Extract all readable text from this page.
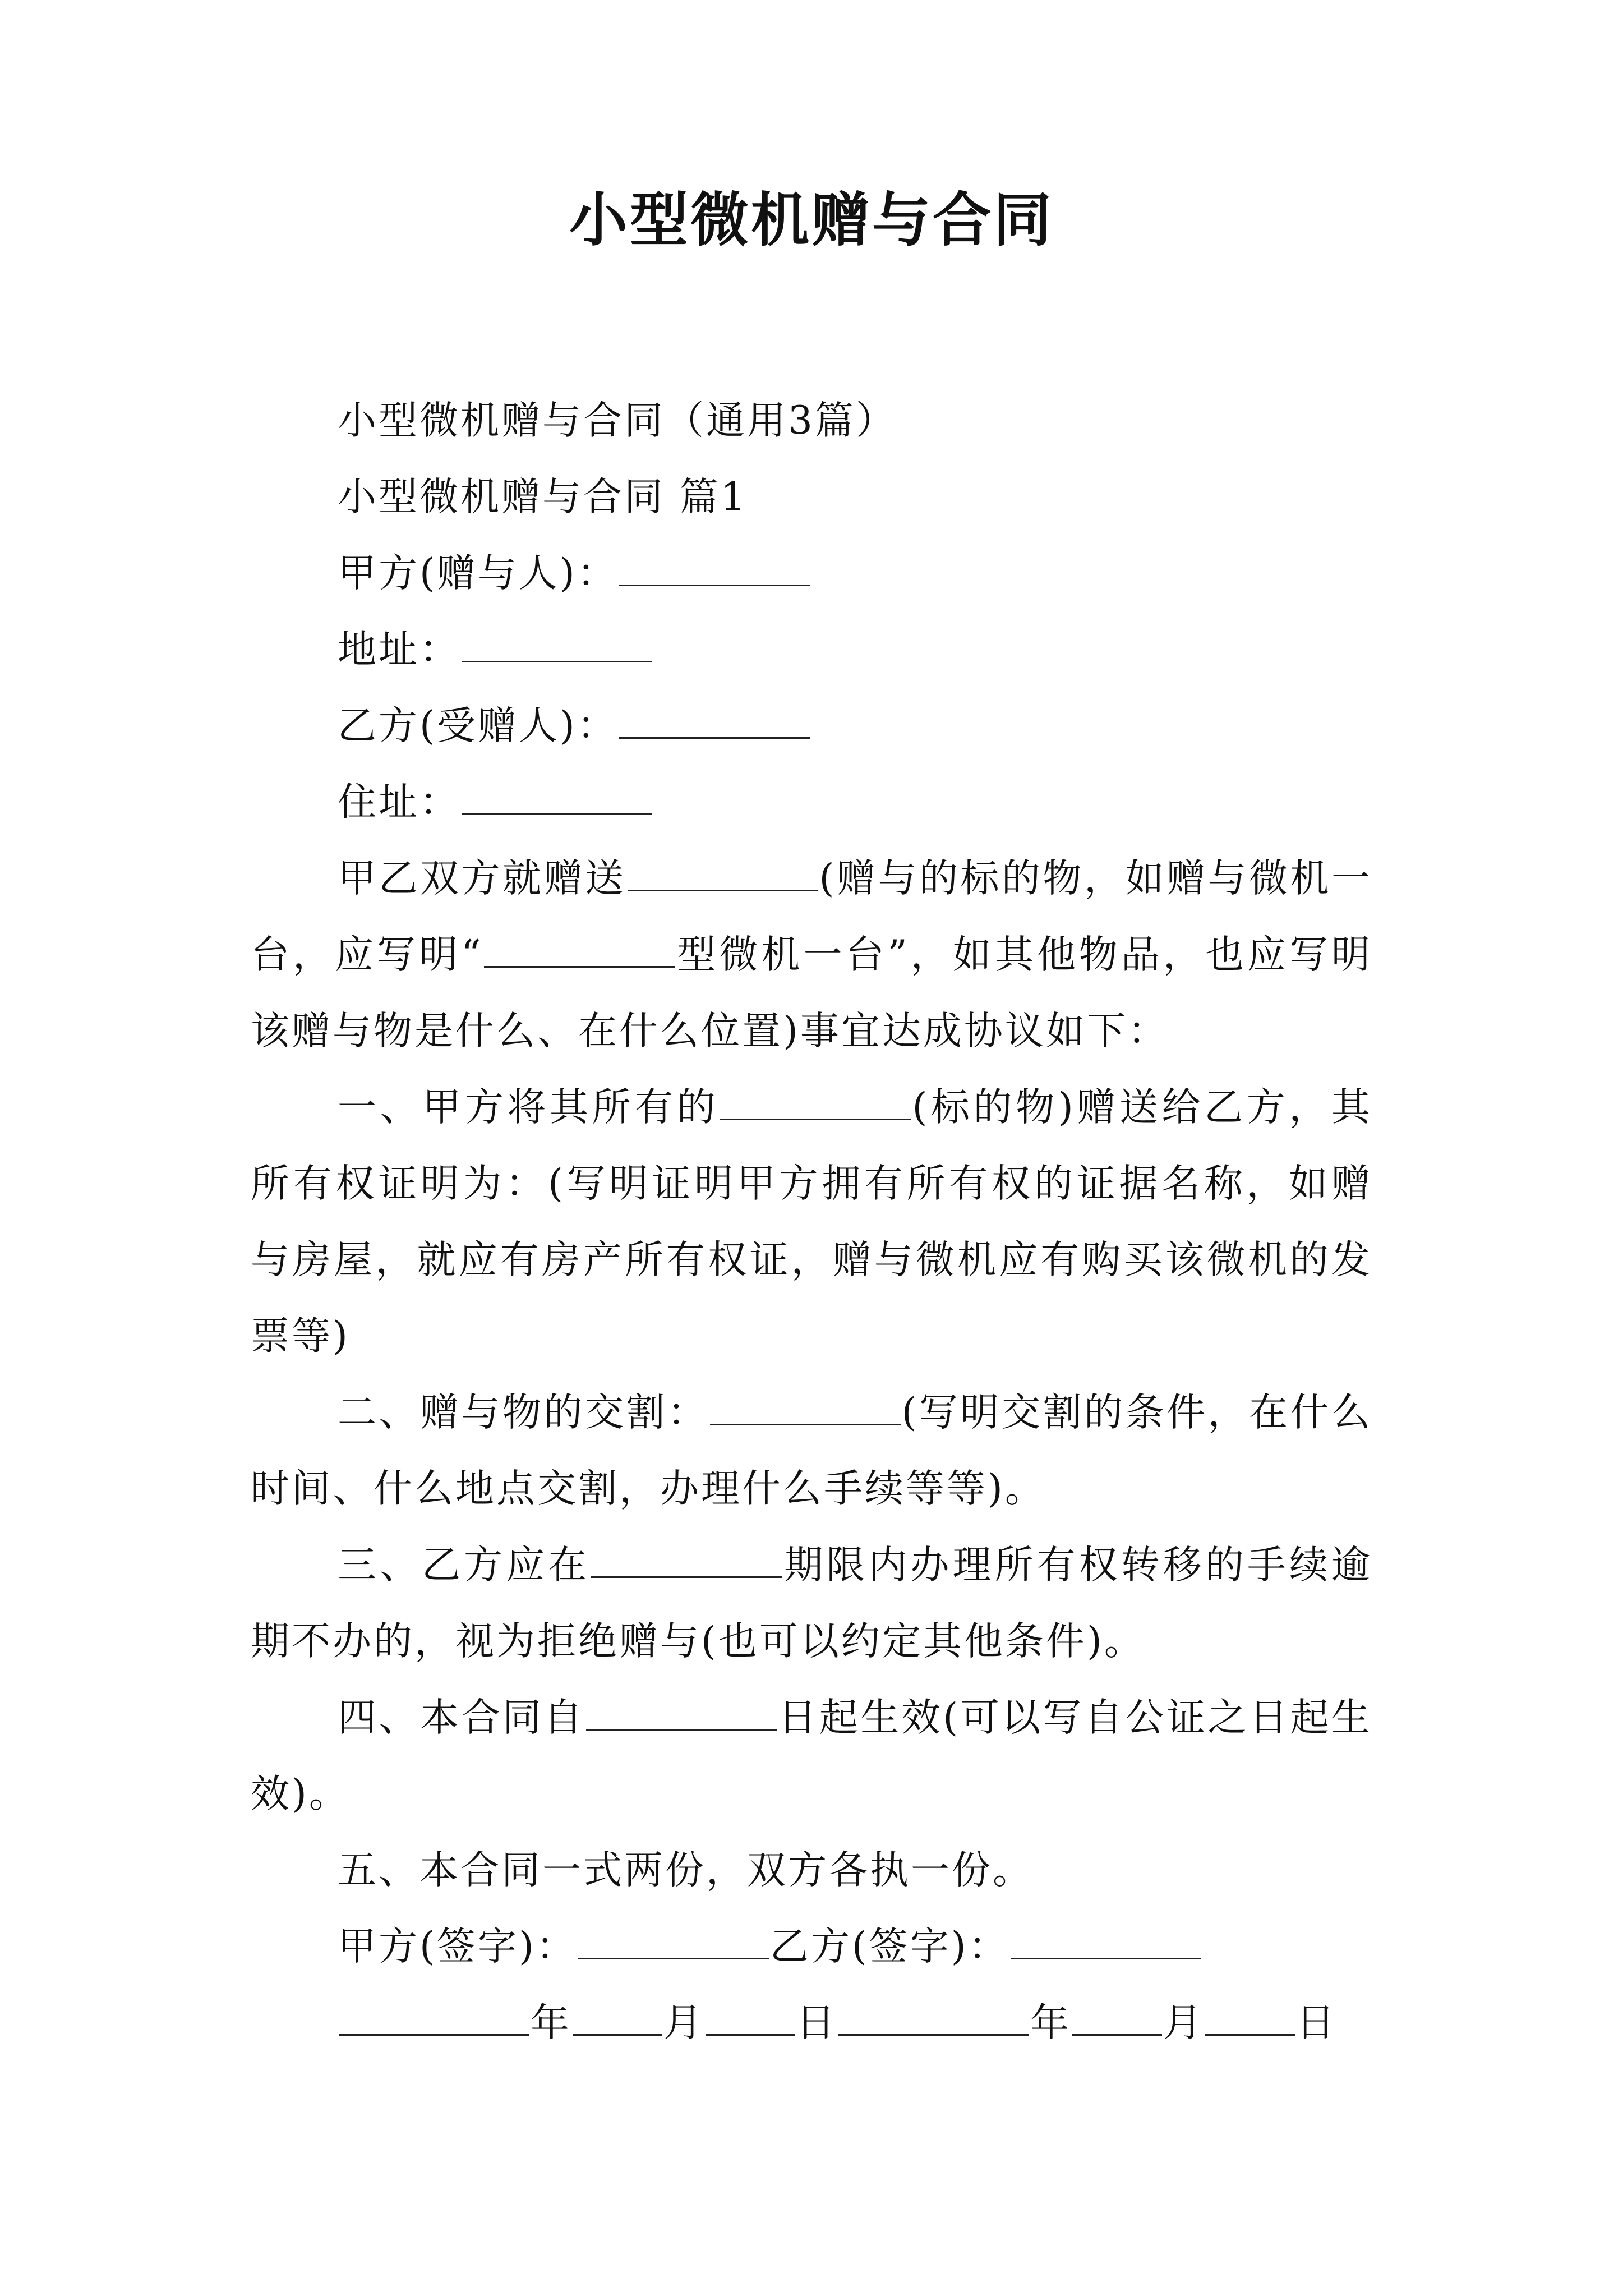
小型微机赠与合同

小型微机赠与合同（通用3篇）

小型微机赠与合同 篇1

甲方(赠与人)：

地址：

乙方(受赠人)：

住址：

甲乙双方就赠送	(赠与的标的物，如赠与微机一台，应写明“	型微机一台”，如其他物品，也应写明该赠与物是什么、在什么位置)事宜达成协议如下：

一、甲方将其所有的	(标的物)赠送给乙方，其所有权证明为：(写明证明甲方拥有所有权的证据名称，如赠与房屋，就应有房产所有权证，赠与微机应有购买该微机的发票等)

二、赠与物的交割：	(写明交割的条件，在什么时间、什么地点交割，办理什么手续等等)。

三、乙方应在	期限内办理所有权转移的手续逾期不办的，视为拒绝赠与(也可以约定其他条件)。

四、本合同自	日起生效(可以写自公证之日起生效)。

五、本合同一式两份，双方各执一份。

甲方(签字)：	乙方(签字)：

年 月 日	年 月 日
